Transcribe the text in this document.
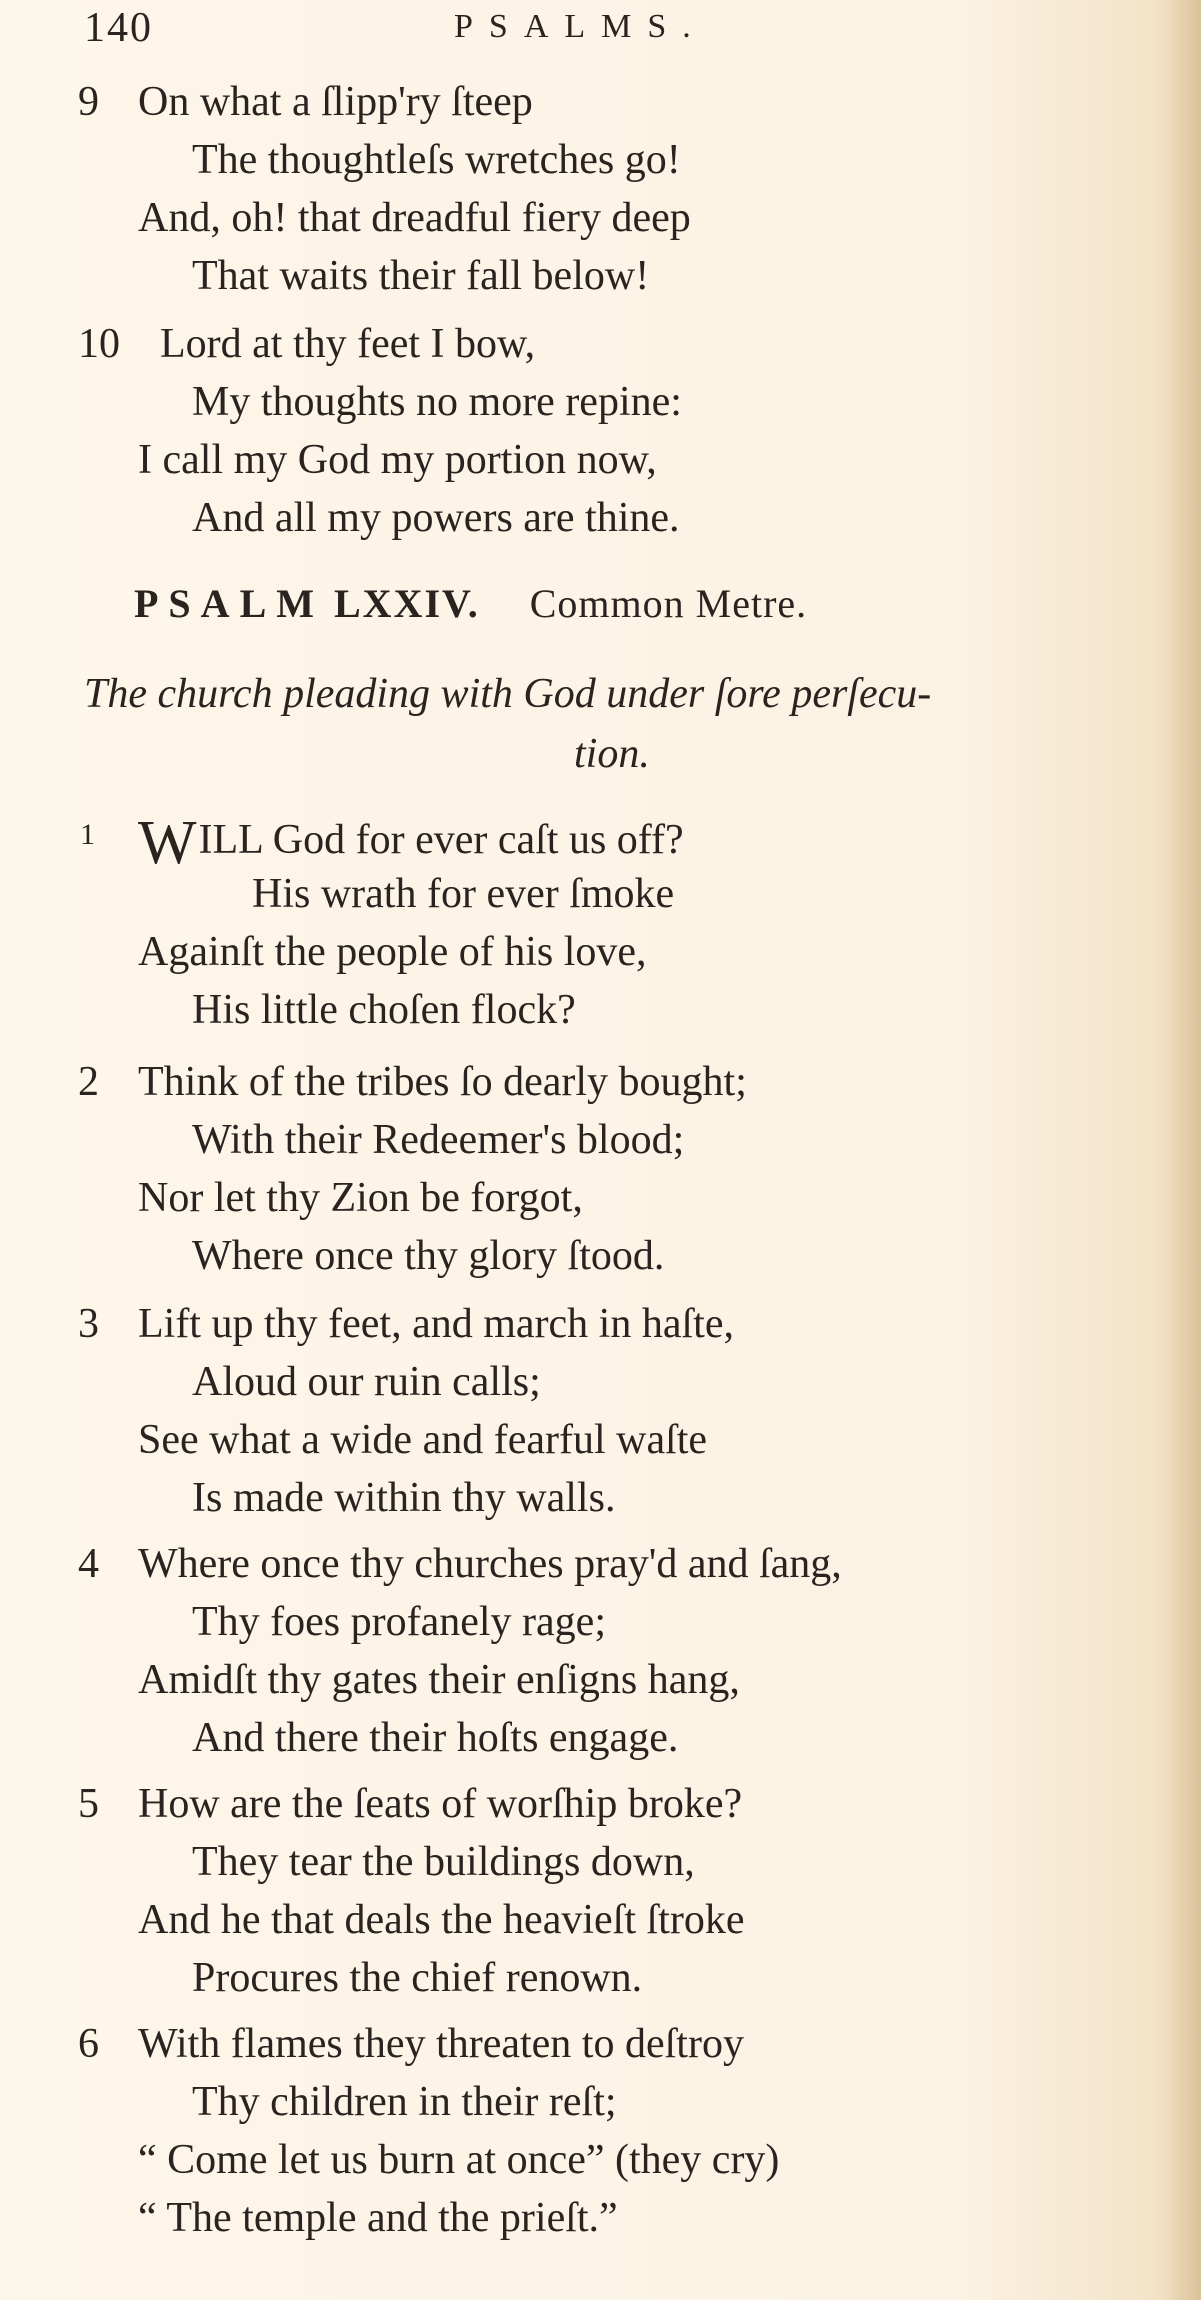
140	PSALMS.
9 On what a ſlipp'ry ſteep
The thoughtleſs wretches go!
And, oh! that dreadful fiery deep
That waits their fall below!
10 Lord at thy feet I bow,
My thoughts no more repine:
I call my God my portion now,
And all my powers are thine.
PSALM LXXIV. Common Metre.
The church pleading with God under ſore perſecu-
tion.
1 WILL God for ever caſt us off?
His wrath for ever ſmoke
Againſt the people of his love,
His little choſen flock?
2 Think of the tribes ſo dearly bought;
With their Redeemer's blood;
Nor let thy Zion be forgot,
Where once thy glory ſtood.
3 Lift up thy feet, and march in haſte,
Aloud our ruin calls;
See what a wide and fearful waſte
Is made within thy walls.
4 Where once thy churches pray'd and ſang,
Thy foes profanely rage;
Amidſt thy gates their enſigns hang,
And there their hoſts engage.
5 How are the ſeats of worſhip broke?
They tear the buildings down,
And he that deals the heavieſt ſtroke
Procures the chief renown.
6 With flames they threaten to deſtroy
Thy children in their reſt;
“ Come let us burn at once” (they cry)
“ The temple and the prieſt.”
